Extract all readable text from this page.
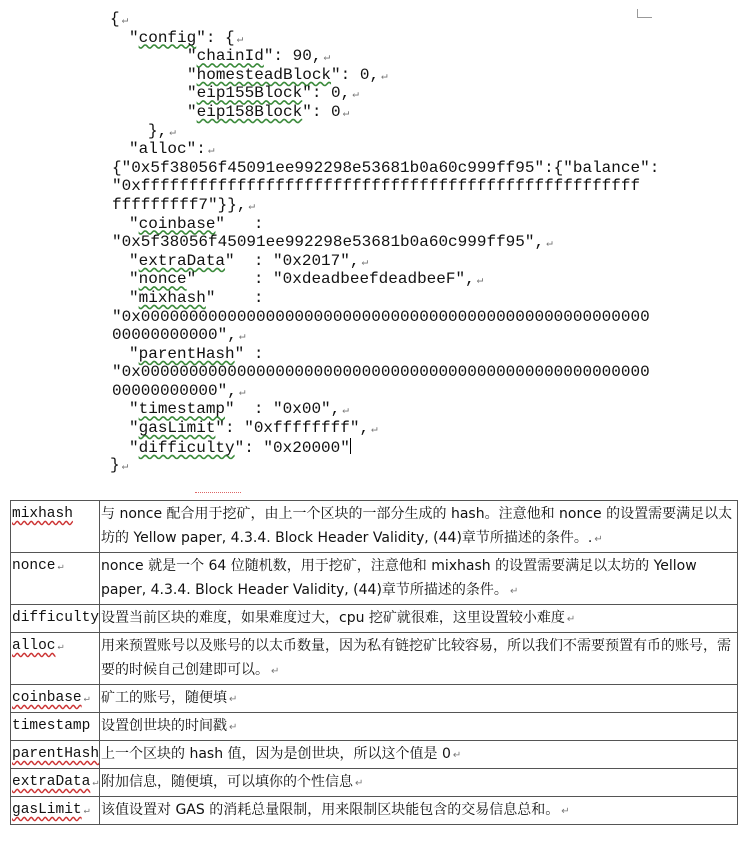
{ ↵
"config": { ↵
"chainId": 90, ↵
"homesteadBlock": 0, ↵
"eip155Block": 0, ↵
"eip158Block": 0 ↵
}, ↵
"alloc": ↵
{"0x5f38056f45091ee992298e53681b0a60c999ff95":{"balance":
"0xffffffffffffffffffffffffffffffffffffffffffffffffffff
fffffffff7"}}, ↵
"coinbase"   :
"0x5f38056f45091ee992298e53681b0a60c999ff95", ↵
"extraData"  : "0x2017", ↵
"nonce"      : "0xdeadbeefdeadbeeF", ↵
"mixhash"    :
"0x00000000000000000000000000000000000000000000000000000
00000000000", ↵
"parentHash" :
"0x00000000000000000000000000000000000000000000000000000
00000000000", ↵
"timestamp"  : "0x00", ↵
"gasLimit": "0xffffffff", ↵
"difficulty": "0x20000"
} ↵
mixhash	与 nonce 配合用于挖矿，由上一个区块的一部分生成的 hash。注意他和 nonce 的设置需要满足以太坊的 Yellow paper, 4.3.4. Block Header Validity, (44)章节所描述的条件。. ↵
nonce ↵	nonce 就是一个 64 位随机数，用于挖矿，注意他和 mixhash 的设置需要满足以太坊的 Yellow paper, 4.3.4. Block Header Validity, (44)章节所描述的条件。 ↵
difficulty	设置当前区块的难度，如果难度过大，cpu 挖矿就很难，这里设置较小难度 ↵
alloc ↵	用来预置账号以及账号的以太币数量，因为私有链挖矿比较容易，所以我们不需要预置有币的账号，需要的时候自己创建即可以。 ↵
coinbase ↵	矿工的账号，随便填 ↵
timestamp	设置创世块的时间戳 ↵
parentHash	上一个区块的 hash 值，因为是创世块，所以这个值是 0 ↵
extraData ↵	附加信息，随便填，可以填你的个性信息 ↵
gasLimit ↵	该值设置对 GAS 的消耗总量限制，用来限制区块能包含的交易信息总和。 ↵
